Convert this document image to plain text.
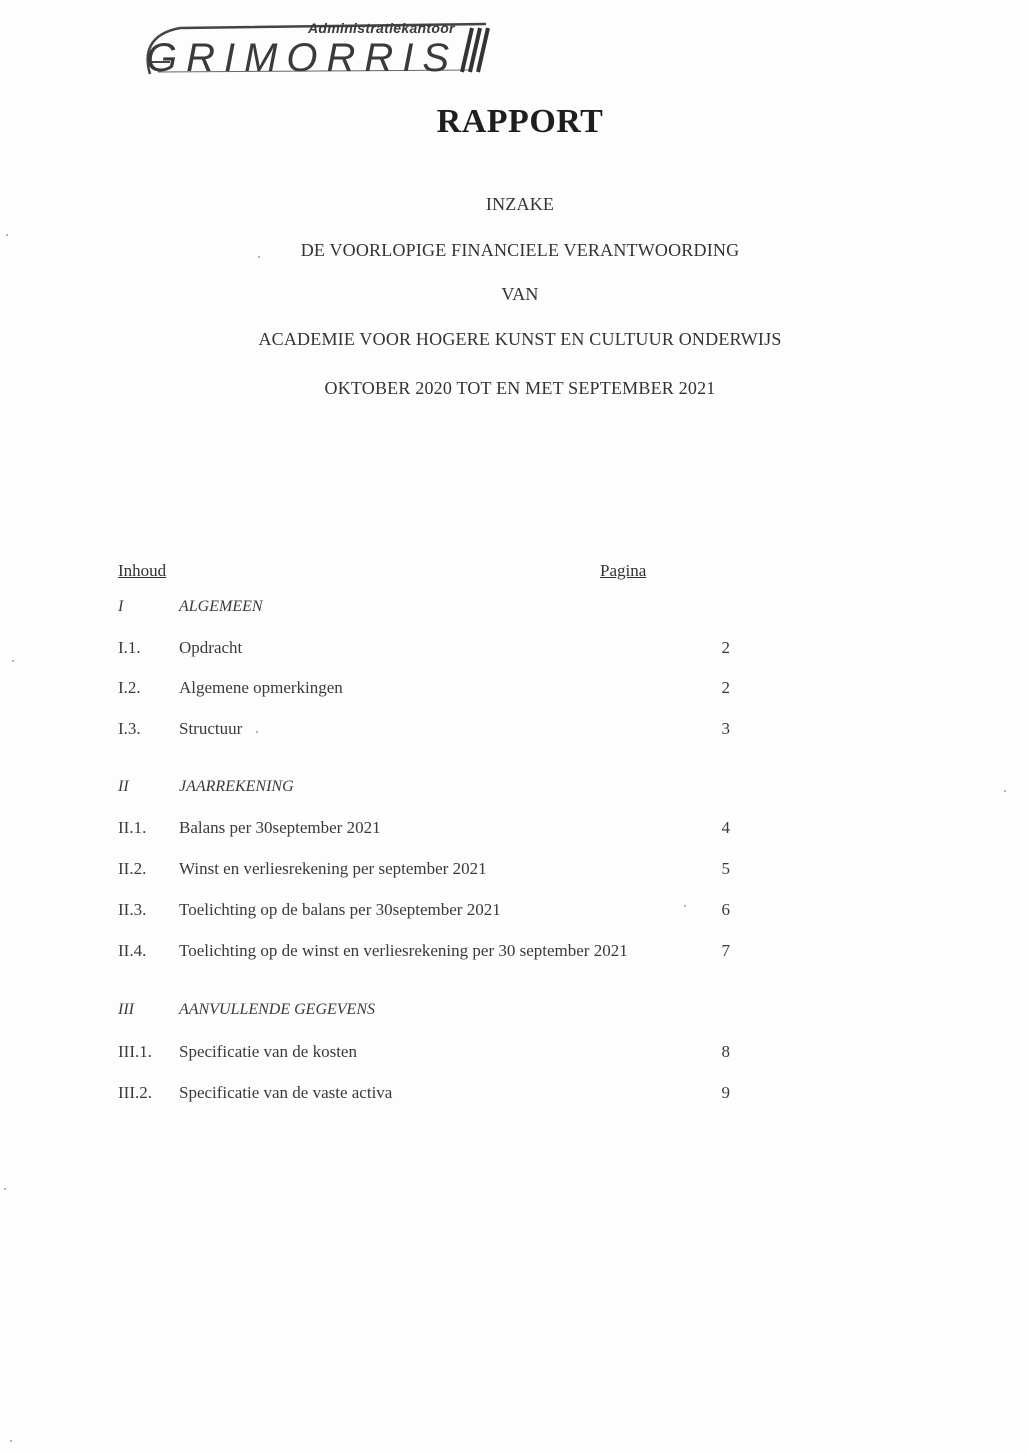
Administratiekantoor
GRIMORRIS
RAPPORT
INZAKE
DE VOORLOPIGE FINANCIELE VERANTWOORDING
VAN
ACADEMIE VOOR HOGERE KUNST EN CULTUUR ONDERWIJS
OKTOBER 2020 TOT EN MET SEPTEMBER 2021
Inhoud	Pagina
I	ALGEMEEN
I.1. Opdracht	2
I.2. Algemene opmerkingen	2
I.3. Structuur	3
II	JAARREKENING
II.1. Balans per 30september 2021	4
II.2. Winst en verliesrekening per september 2021	5
II.3. Toelichting op de balans per 30september 2021	6
II.4. Toelichting op de winst en verliesrekening per 30 september 2021	7
III	AANVULLENDE GEGEVENS
III.1. Specificatie van de kosten	8
III.2. Specificatie van de vaste activa	9
